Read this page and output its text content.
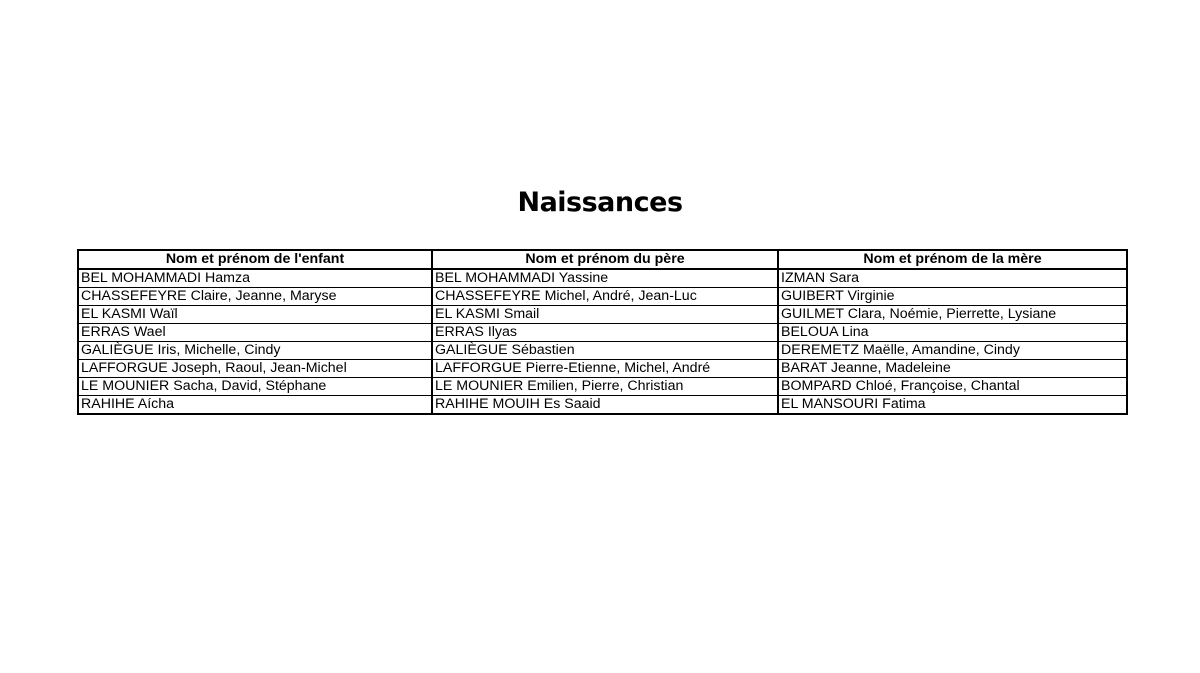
Naissances
Nom et prénom de l'enfant	Nom et prénom du père	Nom et prénom de la mère
BEL MOHAMMADI Hamza	BEL MOHAMMADI Yassine	IZMAN Sara
CHASSEFEYRE Claire, Jeanne, Maryse	CHASSEFEYRE Michel, André, Jean-Luc	GUIBERT Virginie
EL KASMI Waïl	EL KASMI Smail	GUILMET Clara, Noémie, Pierrette, Lysiane
ERRAS Wael	ERRAS Ilyas	BELOUA Lina
GALIÈGUE Iris, Michelle, Cindy	GALIÈGUE Sébastien	DEREMETZ Maëlle, Amandine, Cindy
LAFFORGUE Joseph, Raoul, Jean-Michel	LAFFORGUE Pierre-Etienne, Michel, André	BARAT Jeanne, Madeleine
LE MOUNIER Sacha, David, Stéphane	LE MOUNIER Emilien, Pierre, Christian	BOMPARD Chloé, Françoise, Chantal
RAHIHE Aícha	RAHIHE MOUIH Es Saaid	EL MANSOURI Fatima
